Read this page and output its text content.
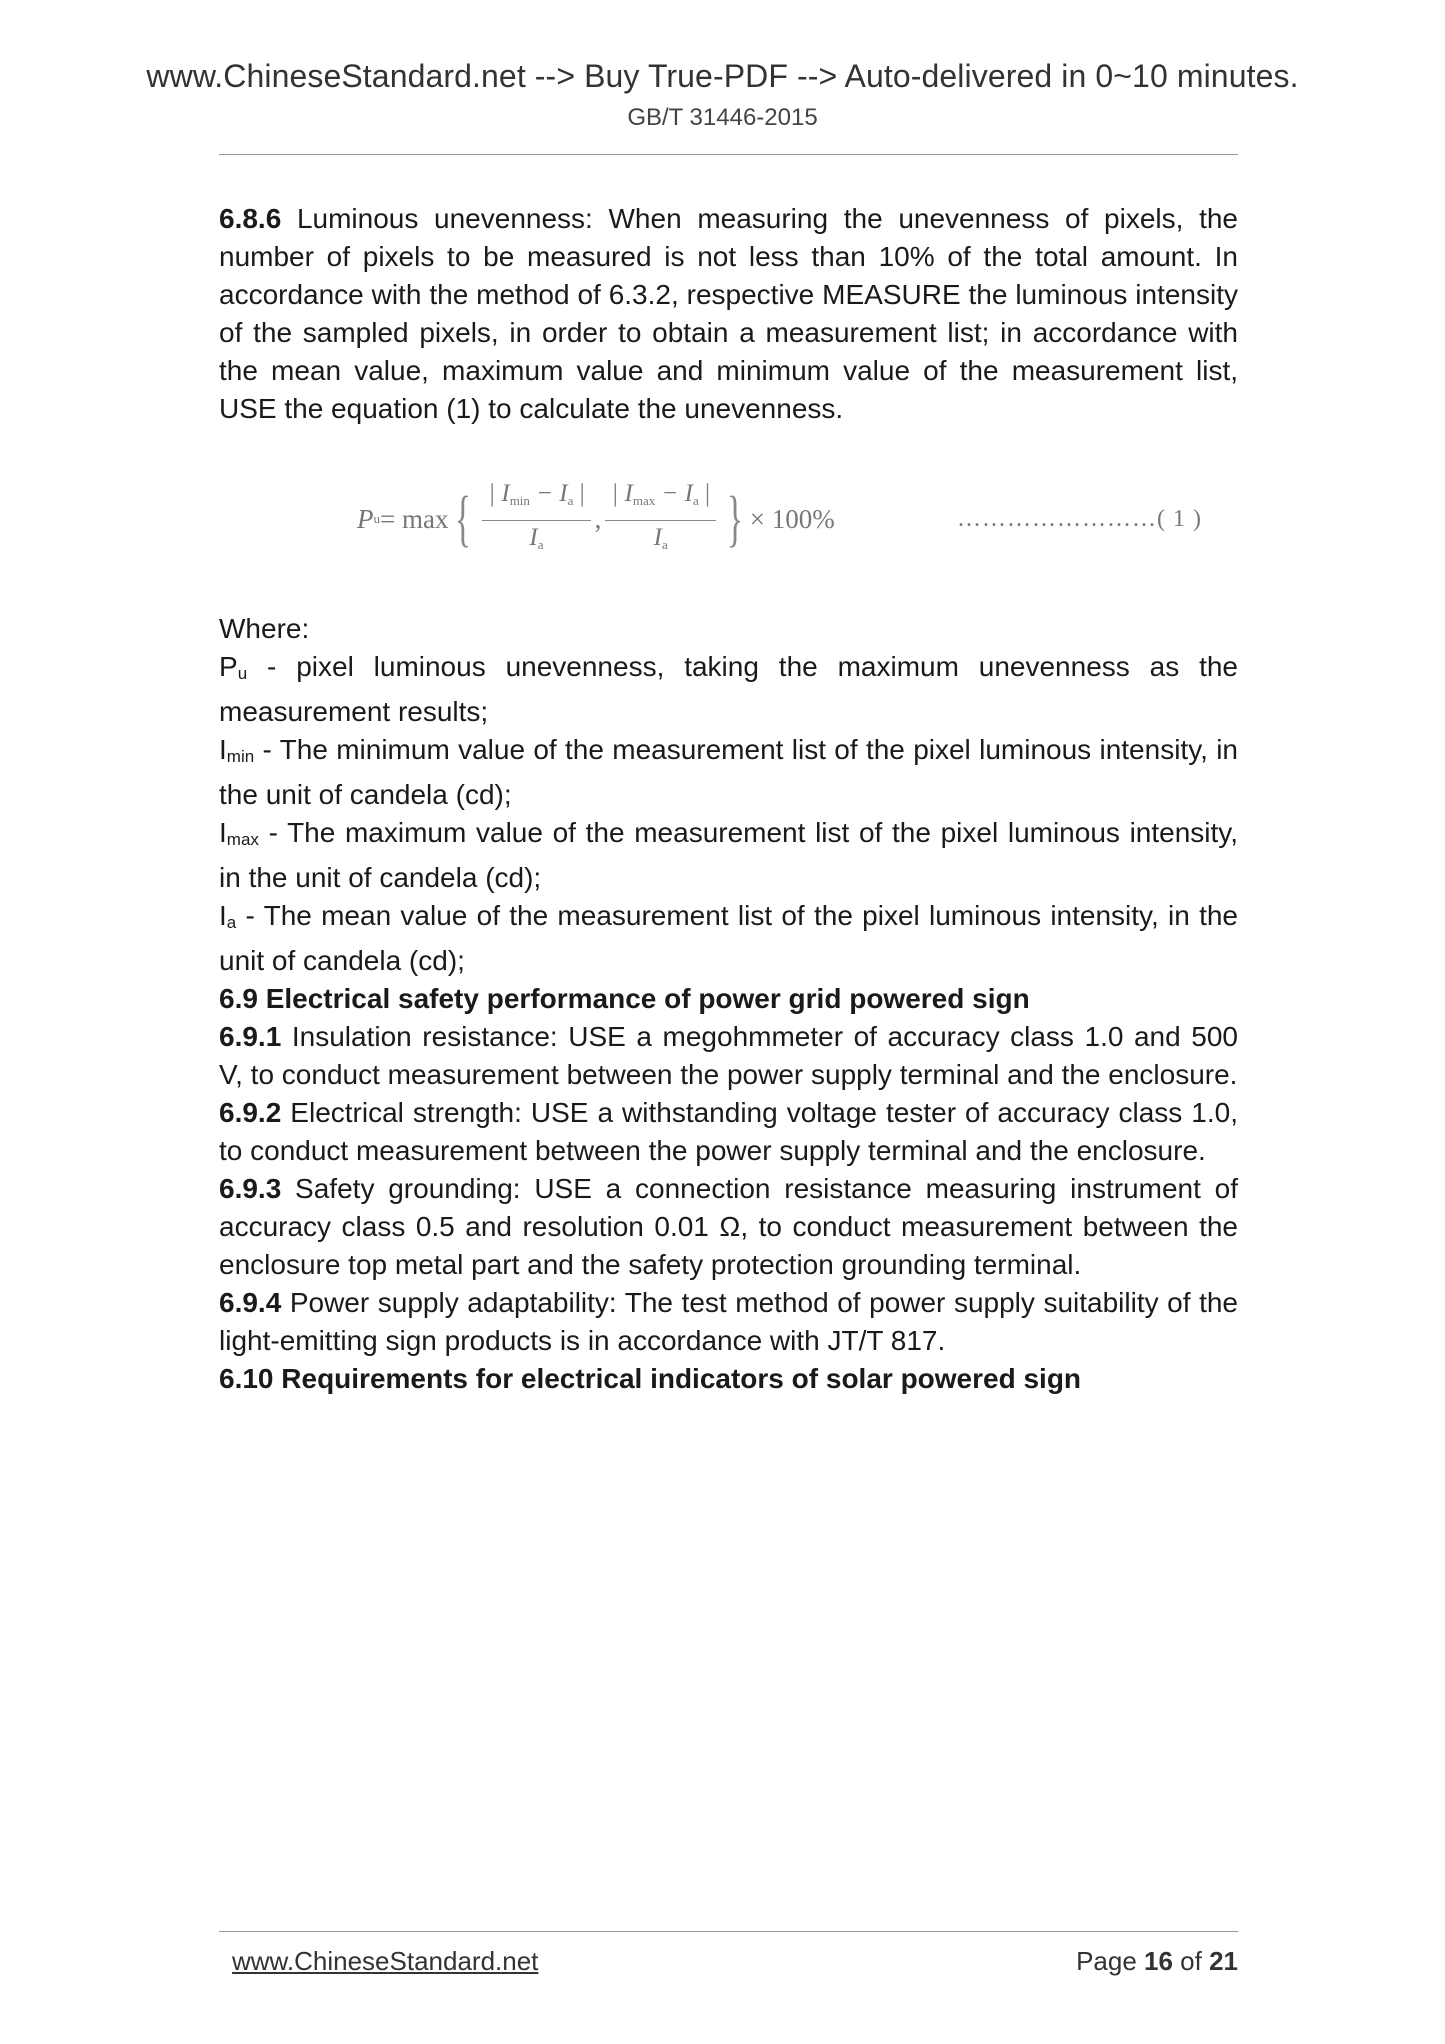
www.ChineseStandard.net --> Buy True-PDF --> Auto-delivered in 0~10 minutes.
GB/T 31446-2015

6.8.6 Luminous unevenness: When measuring the unevenness of pixels, the number of pixels to be measured is not less than 10% of the total amount. In accordance with the method of 6.3.2, respective MEASURE the luminous intensity of the sampled pixels, in order to obtain a measurement list; in accordance with the mean value, maximum value and minimum value of the measurement list, USE the equation (1) to calculate the unevenness.

P u = max { $\frac{| I_{min} - I_a |}{I_a}$ , $\frac{| I_{max} - I_a |}{I_a}$ } × 100%	……………………( 1 )

Where:

$P_u$ - pixel luminous unevenness, taking the maximum unevenness as the measurement results;

$I_{min}$ - The minimum value of the measurement list of the pixel luminous intensity, in the unit of candela (cd);

$I_{max}$ - The maximum value of the measurement list of the pixel luminous intensity, in the unit of candela (cd);

$I_a$ - The mean value of the measurement list of the pixel luminous intensity, in the unit of candela (cd);

6.9 Electrical safety performance of power grid powered sign

6.9.1 Insulation resistance: USE a megohmmeter of accuracy class 1.0 and 500 V, to conduct measurement between the power supply terminal and the enclosure.

6.9.2 Electrical strength: USE a withstanding voltage tester of accuracy class 1.0, to conduct measurement between the power supply terminal and the enclosure.

6.9.3 Safety grounding: USE a connection resistance measuring instrument of accuracy class 0.5 and resolution 0.01 Ω, to conduct measurement between the enclosure top metal part and the safety protection grounding terminal.

6.9.4 Power supply adaptability: The test method of power supply suitability of the light-emitting sign products is in accordance with JT/T 817.

6.10 Requirements for electrical indicators of solar powered sign

www.ChineseStandard.net	Page 16 of 21
